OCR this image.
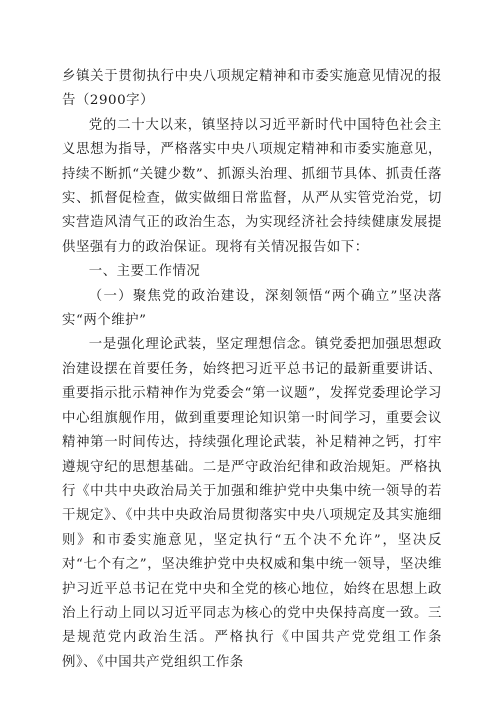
乡镇关于贯彻执行中央八项规定精神和市委实施意见情况的报告（2900字）

党的二十大以来，镇坚持以习近平新时代中国特色社会主义思想为指导，严格落实中央八项规定精神和市委实施意见，持续不断抓“关键少数”、抓源头治理、抓细节具体、抓责任落实、抓督促检查，做实做细日常监督，从严从实管党治党，切实营造风清气正的政治生态，为实现经济社会持续健康发展提供坚强有力的政治保证。现将有关情况报告如下：

一、主要工作情况

（一）聚焦党的政治建设，深刻领悟“两个确立”坚决落实“两个维护”

一是强化理论武装，坚定理想信念。镇党委把加强思想政治建设摆在首要任务，始终把习近平总书记的最新重要讲话、重要指示批示精神作为党委会“第一议题”，发挥党委理论学习中心组旗舰作用，做到重要理论知识第一时间学习，重要会议精神第一时间传达，持续强化理论武装，补足精神之钙，打牢遵规守纪的思想基础。二是严守政治纪律和政治规矩。严格执行《中共中央政治局关于加强和维护党中央集中统一领导的若干规定》、《中共中央政治局贯彻落实中央八项规定及其实施细则》和市委实施意见，坚定执行“五个决不允许”，坚决反对“七个有之”，坚决维护党中央权威和集中统一领导，坚决维护习近平总书记在党中央和全党的核心地位，始终在思想上政治上行动上同以习近平同志为核心的党中央保持高度一致。三是规范党内政治生活。严格执行《中国共产党党组工作条例》、《中国共产党组织工作条
